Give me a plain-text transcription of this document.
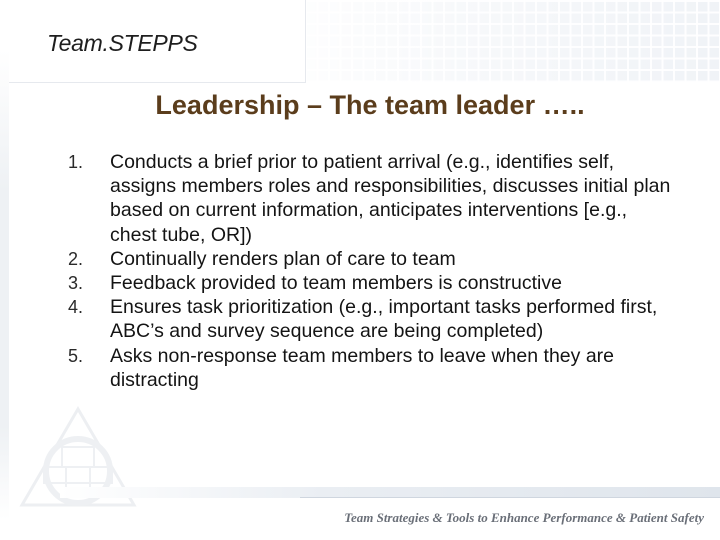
Team.STEPPS
Leadership – The team leader …..
1.	Conducts a brief prior to patient arrival (e.g., identifies self, assigns members roles and responsibilities, discusses initial plan based on current information, anticipates interventions [e.g., chest tube, OR])
2.	Continually renders plan of care to team
3.	Feedback provided to team members is constructive
4.	Ensures task prioritization (e.g., important tasks performed first, ABC’s and survey sequence are being completed)
5.	Asks non-response team members to leave when they are distracting
Team Strategies & Tools to Enhance Performance & Patient Safety
